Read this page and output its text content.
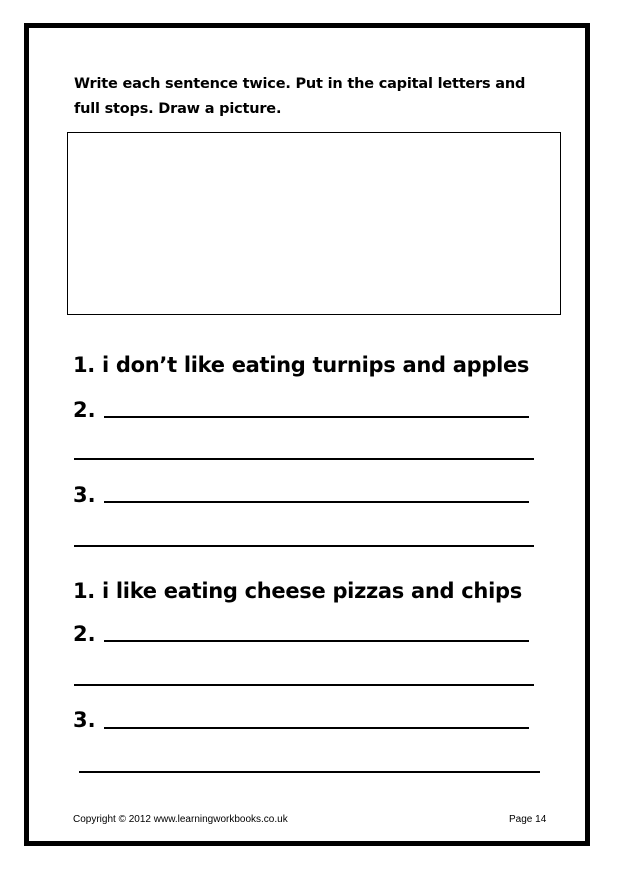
Write each sentence twice. Put in the capital letters and full stops. Draw a picture.
1. i don’t like eating turnips and apples
2.
3.
1. i like eating cheese pizzas and chips
2.
3.
Copyright © 2012 www.learningworkbooks.co.uk	Page 14
